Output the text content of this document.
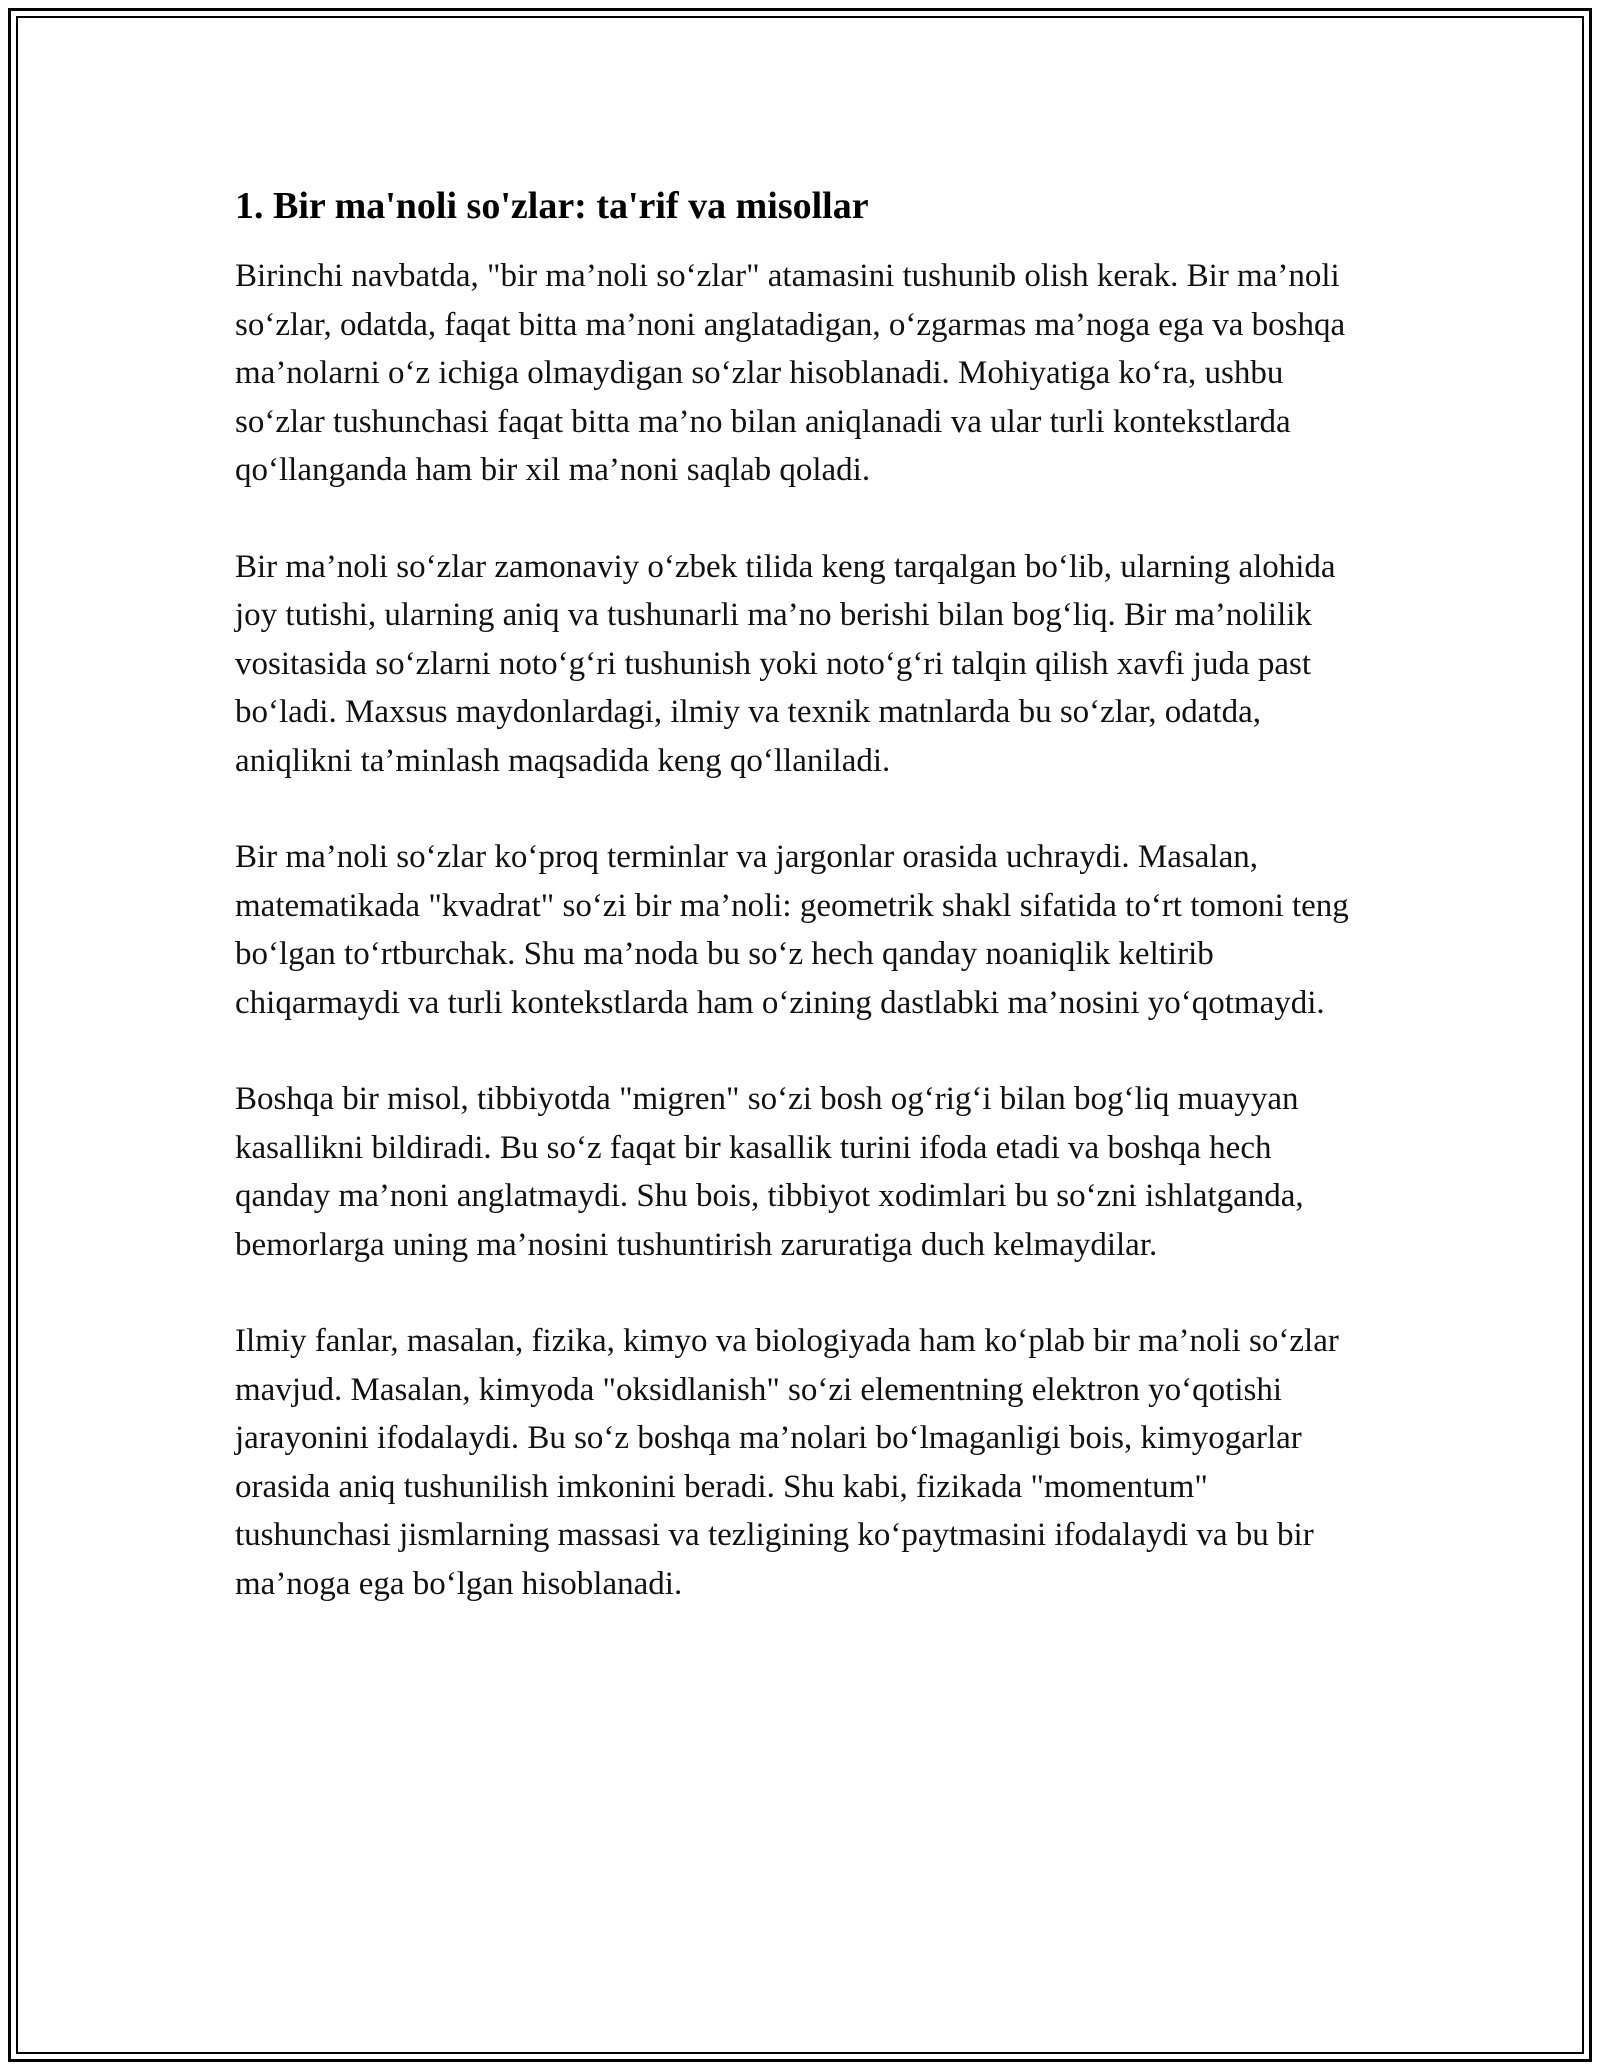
1. Bir ma'noli so'zlar: ta'rif va misollar

Birinchi navbatda, "bir ma’noli so‘zlar" atamasini tushunib olish kerak. Bir ma’noli so‘zlar, odatda, faqat bitta ma’noni anglatadigan, o‘zgarmas ma’noga ega va boshqa ma’nolarni o‘z ichiga olmaydigan so‘zlar hisoblanadi. Mohiyatiga ko‘ra, ushbu so‘zlar tushunchasi faqat bitta ma’no bilan aniqlanadi va ular turli kontekstlarda qo‘llanganda ham bir xil ma’noni saqlab qoladi.

Bir ma’noli so‘zlar zamonaviy o‘zbek tilida keng tarqalgan bo‘lib, ularning alohida joy tutishi, ularning aniq va tushunarli ma’no berishi bilan bog‘liq. Bir ma’nolilik vositasida so‘zlarni noto‘g‘ri tushunish yoki noto‘g‘ri talqin qilish xavfi juda past bo‘ladi. Maxsus maydonlardagi, ilmiy va texnik matnlarda bu so‘zlar, odatda, aniqlikni ta’minlash maqsadida keng qo‘llaniladi.

Bir ma’noli so‘zlar ko‘proq terminlar va jargonlar orasida uchraydi. Masalan, matematikada "kvadrat" so‘zi bir ma’noli: geometrik shakl sifatida to‘rt tomoni teng bo‘lgan to‘rtburchak. Shu ma’noda bu so‘z hech qanday noaniqlik keltirib chiqarmaydi va turli kontekstlarda ham o‘zining dastlabki ma’nosini yo‘qotmaydi.

Boshqa bir misol, tibbiyotda "migren" so‘zi bosh og‘rig‘i bilan bog‘liq muayyan kasallikni bildiradi. Bu so‘z faqat bir kasallik turini ifoda etadi va boshqa hech qanday ma’noni anglatmaydi. Shu bois, tibbiyot xodimlari bu so‘zni ishlatganda, bemorlarga uning ma’nosini tushuntirish zaruratiga duch kelmaydilar.

Ilmiy fanlar, masalan, fizika, kimyo va biologiyada ham ko‘plab bir ma’noli so‘zlar mavjud. Masalan, kimyoda "oksidlanish" so‘zi elementning elektron yo‘qotishi jarayonini ifodalaydi. Bu so‘z boshqa ma’nolari bo‘lmaganligi bois, kimyogarlar orasida aniq tushunilish imkonini beradi. Shu kabi, fizikada "momentum" tushunchasi jismlarning massasi va tezligining ko‘paytmasini ifodalaydi va bu bir ma’noga ega bo‘lgan hisoblanadi.
